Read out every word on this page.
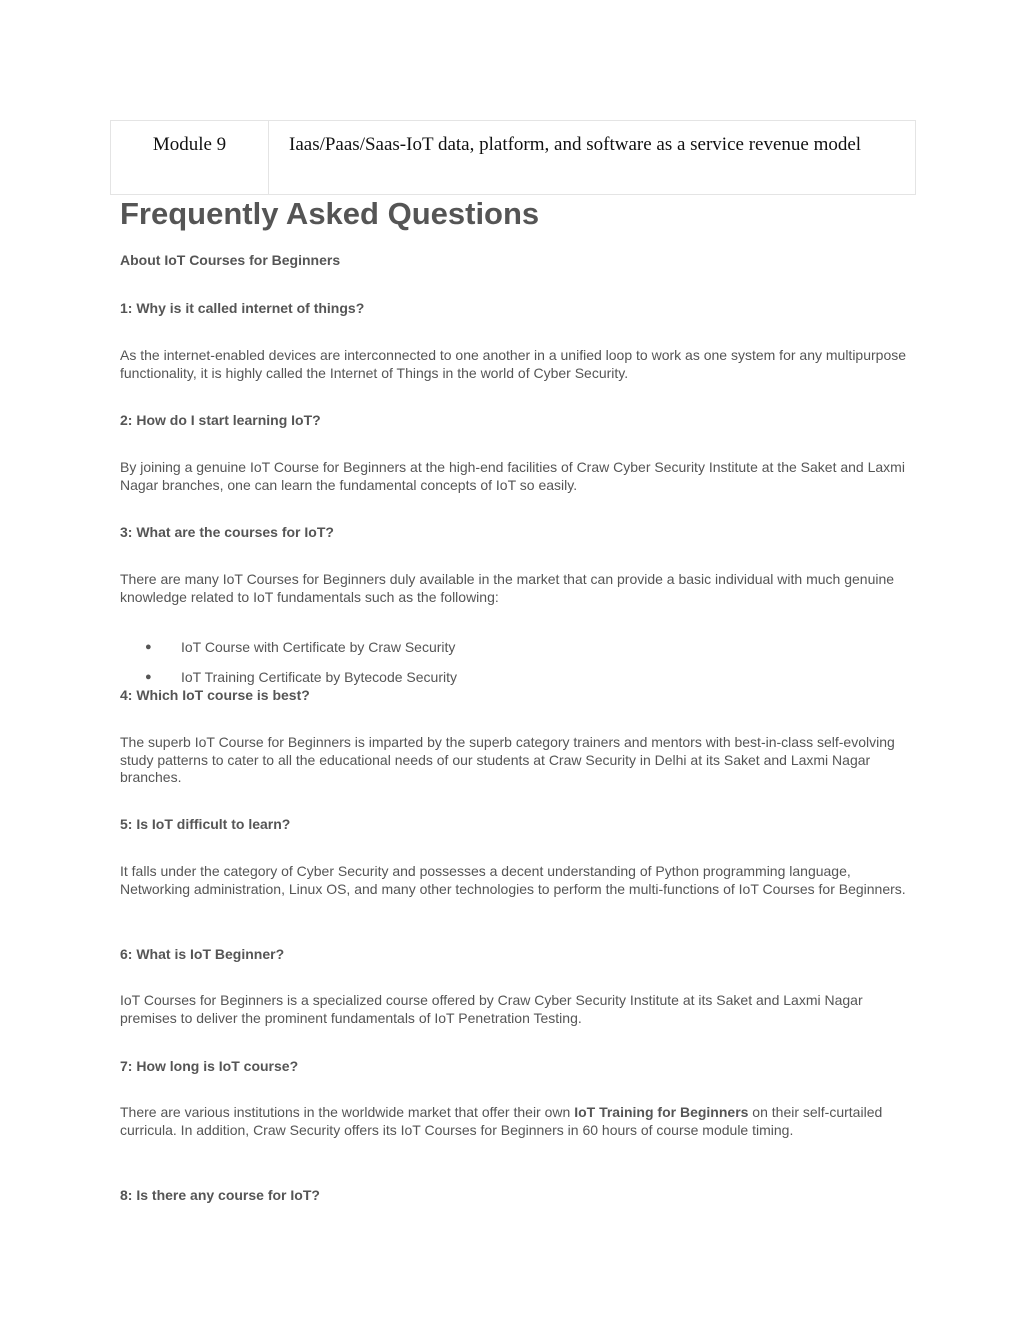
Module 9	Iaas/Paas/Saas-IoT data, platform, and software as a service revenue model
Frequently Asked Questions

About IoT Courses for Beginners

1: Why is it called internet of things?

As the internet-enabled devices are interconnected to one another in a unified loop to work as one system for any multipurpose functionality, it is highly called the Internet of Things in the world of Cyber Security.

2: How do I start learning IoT?

By joining a genuine IoT Course for Beginners at the high-end facilities of Craw Cyber Security Institute at the Saket and Laxmi Nagar branches, one can learn the fundamental concepts of IoT so easily.

3: What are the courses for IoT?

There are many IoT Courses for Beginners duly available in the market that can provide a basic individual with much genuine knowledge related to IoT fundamentals such as the following:

●	IoT Course with Certificate by Craw Security
●	IoT Training Certificate by Bytecode Security

4: Which IoT course is best?

The superb IoT Course for Beginners is imparted by the superb category trainers and mentors with best-in-class self-evolving study patterns to cater to all the educational needs of our students at Craw Security in Delhi at its Saket and Laxmi Nagar branches.

5: Is IoT difficult to learn?

It falls under the category of Cyber Security and possesses a decent understanding of Python programming language, Networking administration, Linux OS, and many other technologies to perform the multi-functions of IoT Courses for Beginners.

6: What is IoT Beginner?

IoT Courses for Beginners is a specialized course offered by Craw Cyber Security Institute at its Saket and Laxmi Nagar premises to deliver the prominent fundamentals of IoT Penetration Testing.

7: How long is IoT course?

There are various institutions in the worldwide market that offer their own IoT Training for Beginners on their self-curtailed curricula. In addition, Craw Security offers its IoT Courses for Beginners in 60 hours of course module timing.

8: Is there any course for IoT?
